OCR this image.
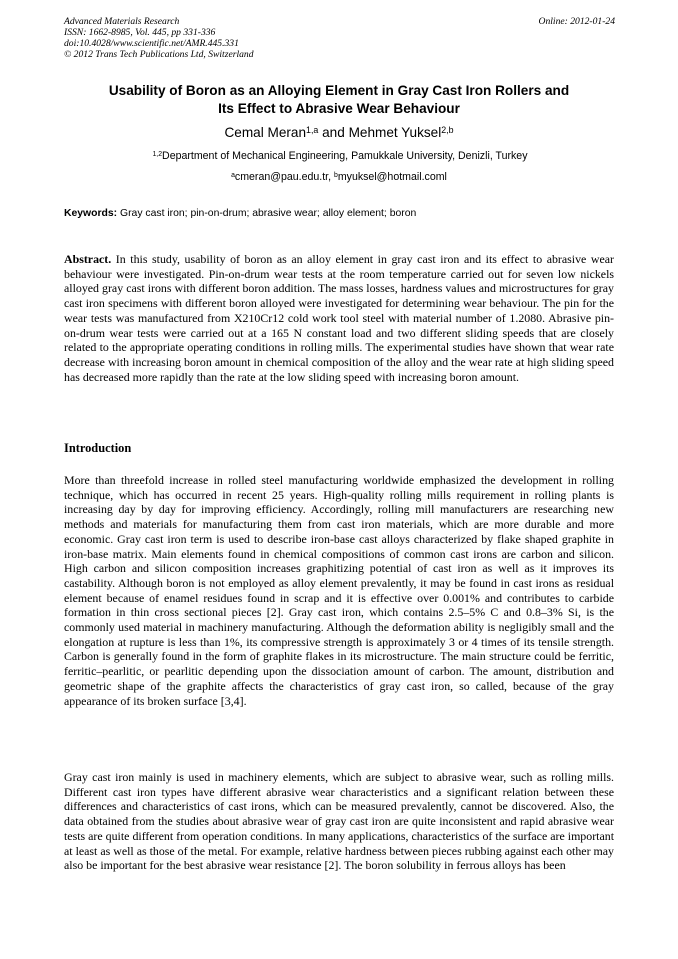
Advanced Materials Research
ISSN: 1662-8985, Vol. 445, pp 331-336
doi:10.4028/www.scientific.net/AMR.445.331
© 2012 Trans Tech Publications Ltd, Switzerland
Online: 2012-01-24
Usability of Boron as an Alloying Element in Gray Cast Iron Rollers and
Its Effect to Abrasive Wear Behaviour
Cemal Meran$^{1,a}$ and Mehmet Yuksel$^{2,b}$
$^{1,2}$Department of Mechanical Engineering, Pamukkale University, Denizli, Turkey
$^a$cmeran@pau.edu.tr, $^b$myuksel@hotmail.coml
Keywords: Gray cast iron; pin-on-drum; abrasive wear; alloy element; boron
Abstract. In this study, usability of boron as an alloy element in gray cast iron and its effect to abrasive wear behaviour were investigated. Pin-on-drum wear tests at the room temperature carried out for seven low nickels alloyed gray cast irons with different boron addition. The mass losses, hardness values and microstructures for gray cast iron specimens with different boron alloyed were investigated for determining wear behaviour. The pin for the wear tests was manufactured from X210Cr12 cold work tool steel with material number of 1.2080. Abrasive pin-on-drum wear tests were carried out at a 165 N constant load and two different sliding speeds that are closely related to the appropriate operating conditions in rolling mills. The experimental studies have shown that wear rate decrease with increasing boron amount in chemical composition of the alloy and the wear rate at high sliding speed has decreased more rapidly than the rate at the low sliding speed with increasing boron amount.
Introduction
More than threefold increase in rolled steel manufacturing worldwide emphasized the development in rolling technique, which has occurred in recent 25 years. High-quality rolling mills requirement in rolling plants is increasing day by day for improving efficiency. Accordingly, rolling mill manufacturers are researching new methods and materials for manufacturing them from cast iron materials, which are more durable and more economic. Gray cast iron term is used to describe iron-base cast alloys characterized by flake shaped graphite in iron-base matrix. Main elements found in chemical compositions of common cast irons are carbon and silicon. High carbon and silicon composition increases graphitizing potential of cast iron as well as it improves its castability. Although boron is not employed as alloy element prevalently, it may be found in cast irons as residual element because of enamel residues found in scrap and it is effective over 0.001% and contributes to carbide formation in thin cross sectional pieces [2]. Gray cast iron, which contains 2.5–5% C and 0.8–3% Si, is the commonly used material in machinery manufacturing. Although the deformation ability is negligibly small and the elongation at rupture is less than 1%, its compressive strength is approximately 3 or 4 times of its tensile strength. Carbon is generally found in the form of graphite flakes in its microstructure. The main structure could be ferritic, ferritic–pearlitic, or pearlitic depending upon the dissociation amount of carbon. The amount, distribution and geometric shape of the graphite affects the characteristics of gray cast iron, so called, because of the gray appearance of its broken surface [3,4].
Gray cast iron mainly is used in machinery elements, which are subject to abrasive wear, such as rolling mills. Different cast iron types have different abrasive wear characteristics and a significant relation between these differences and characteristics of cast irons, which can be measured prevalently, cannot be discovered. Also, the data obtained from the studies about abrasive wear of gray cast iron are quite inconsistent and rapid abrasive wear tests are quite different from operation conditions. In many applications, characteristics of the surface are important at least as well as those of the metal. For example, relative hardness between pieces rubbing against each other may also be important for the best abrasive wear resistance [2]. The boron solubility in ferrous alloys has been
